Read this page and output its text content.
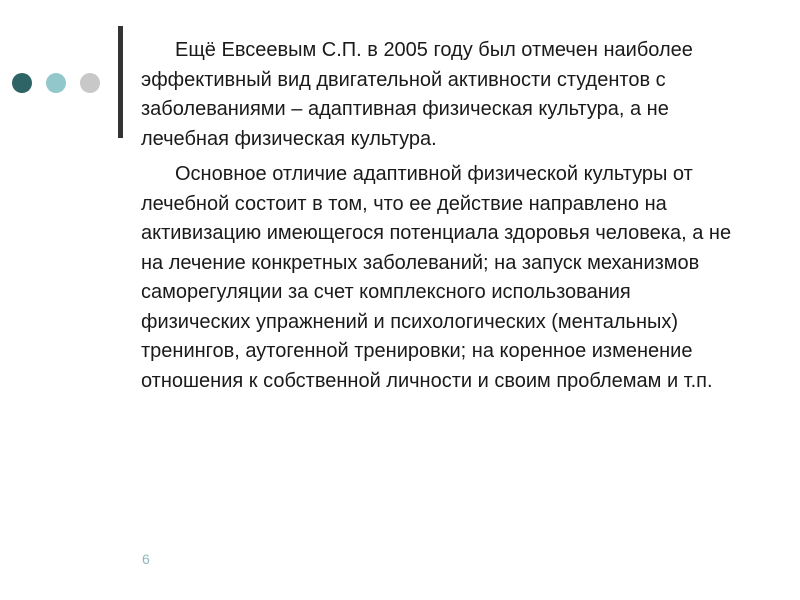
Ещё Евсеевым С.П. в 2005 году был отмечен наиболее эффективный вид двигательной активности студентов с заболеваниями – адаптивная физическая культура, а не лечебная физическая культура.

Основное отличие адаптивной физической культуры от лечебной состоит в том, что ее действие направлено на активизацию имеющегося потенциала здоровья человека, а не на лечение конкретных заболеваний; на запуск механизмов саморегуляции за счет комплексного использования физических упражнений и психологических (ментальных) тренингов, аутогенной тренировки; на коренное изменение отношения к собственной личности и своим проблемам и т.п.

6
